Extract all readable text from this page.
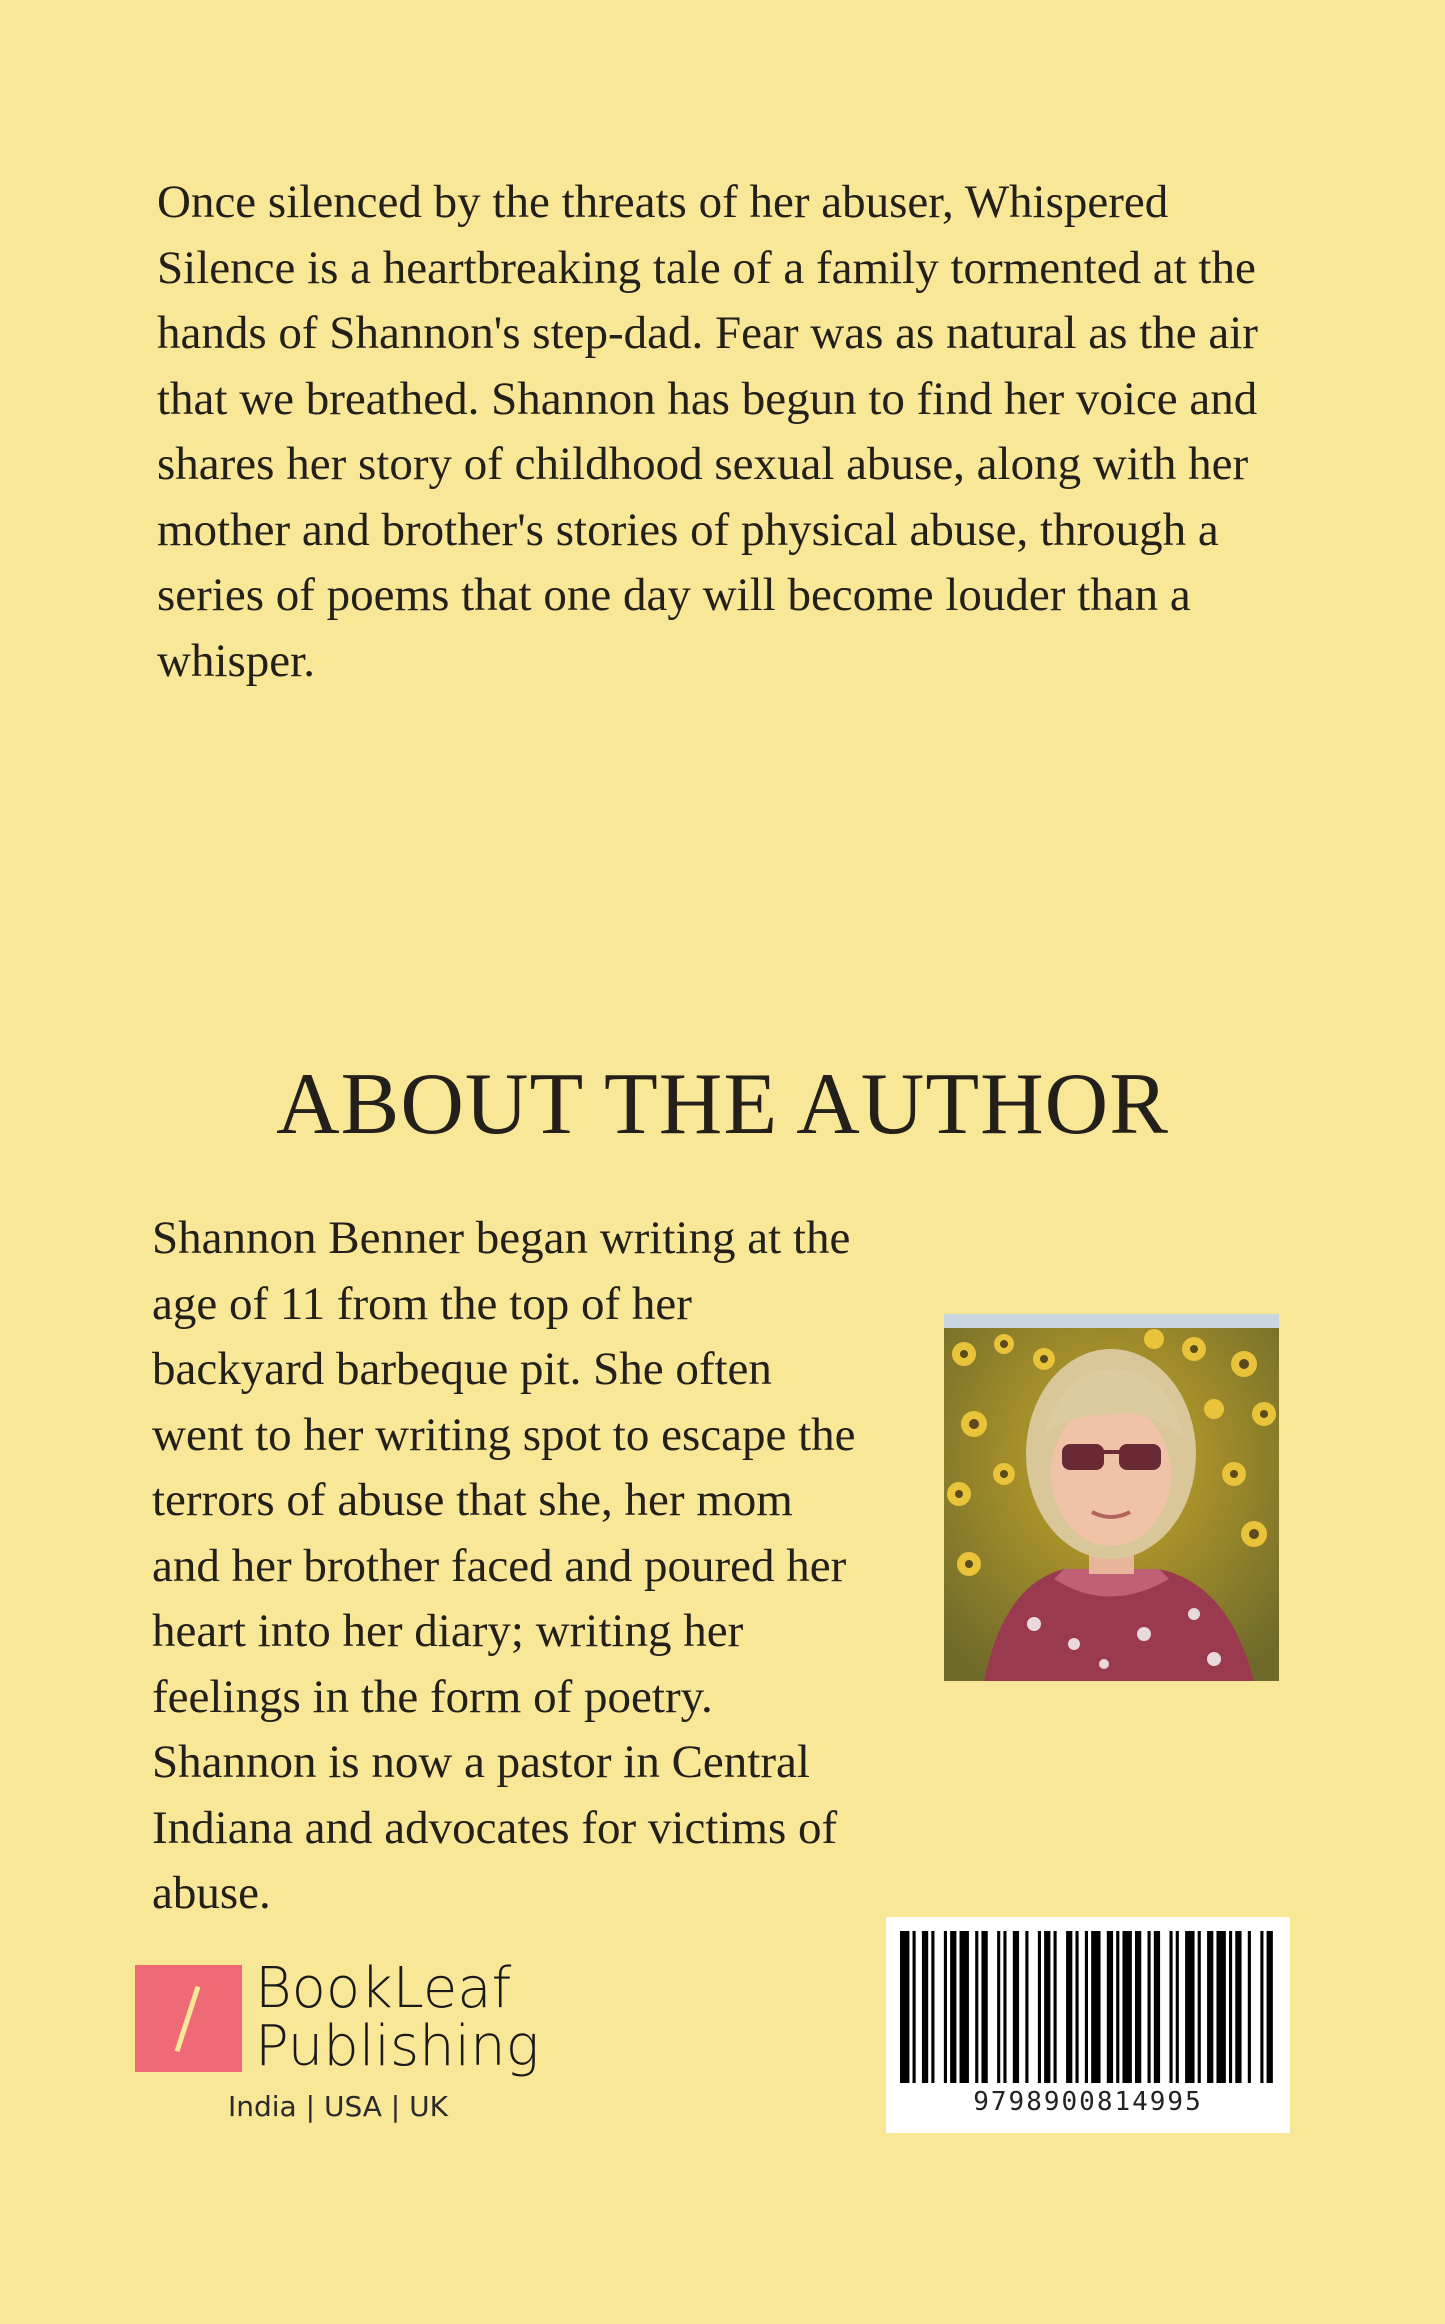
Once silenced by the threats of her abuser, Whispered Silence is a heartbreaking tale of a family tormented at the hands of Shannon's step-dad. Fear was as natural as the air that we breathed. Shannon has begun to find her voice and shares her story of childhood sexual abuse, along with her mother and brother's stories of physical abuse, through a series of poems that one day will become louder than a whisper.

ABOUT THE AUTHOR

Shannon Benner began writing at the age of 11 from the top of her backyard barbeque pit. She often went to her writing spot to escape the terrors of abuse that she, her mom and her brother faced and poured her heart into her diary; writing her feelings in the form of poetry. Shannon is now a pastor in Central Indiana and advocates for victims of abuse.

BookLeaf
Publishing
India | USA | UK	9798900814995
